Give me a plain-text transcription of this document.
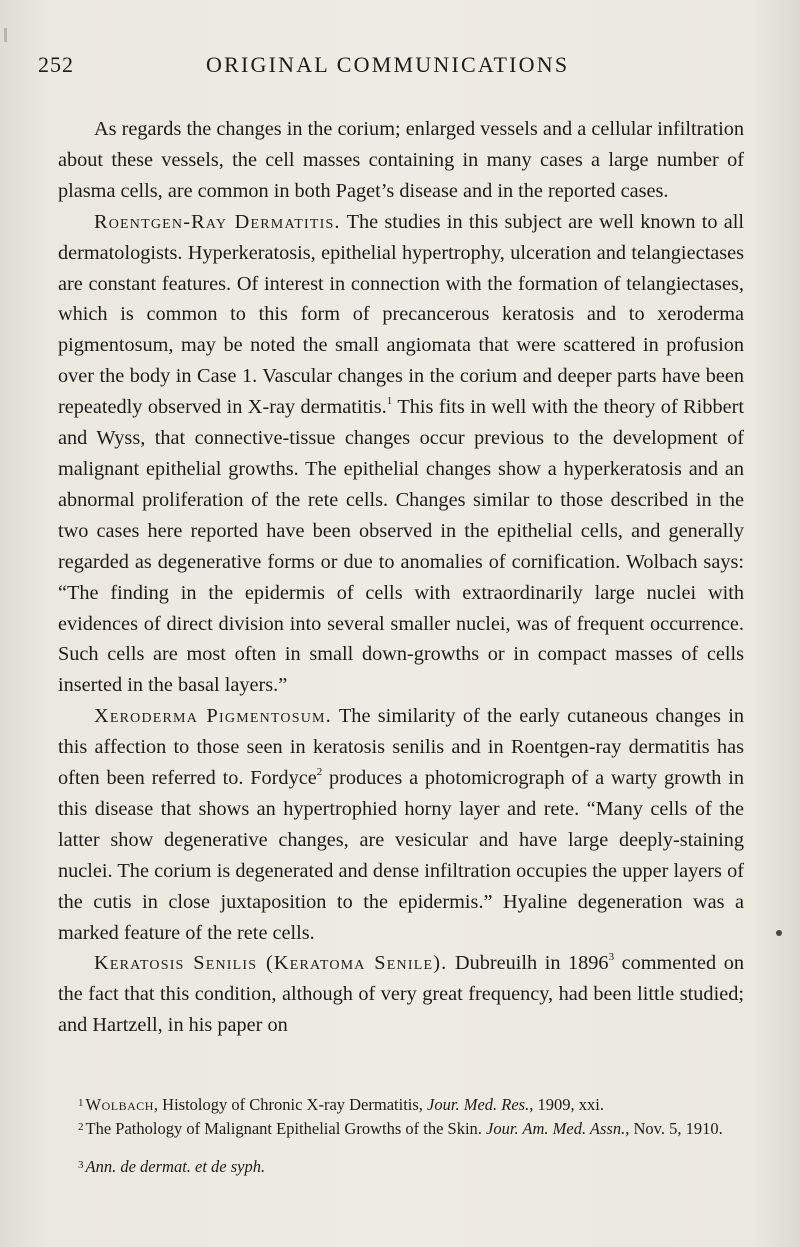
252	ORIGINAL COMMUNICATIONS

As regards the changes in the corium; enlarged vessels and a cellular infiltration about these vessels, the cell masses containing in many cases a large number of plasma cells, are common in both Paget’s disease and in the reported cases.

Roentgen-Ray Dermatitis. The studies in this subject are well known to all dermatologists. Hyperkeratosis, epithelial hypertrophy, ulceration and telangiectases are constant features. Of interest in connection with the formation of telangiectases, which is common to this form of precancerous keratosis and to xeroderma pigmentosum, may be noted the small angiomata that were scattered in profusion over the body in Case 1. Vascular changes in the corium and deeper parts have been repeatedly observed in X-ray dermatitis.$^1$ This fits in well with the theory of Ribbert and Wyss, that connective-tissue changes occur previous to the development of malignant epithelial growths. The epithelial changes show a hyperkeratosis and an abnormal proliferation of the rete cells. Changes similar to those described in the two cases here reported have been observed in the epithelial cells, and generally regarded as degenerative forms or due to anomalies of cornification. Wolbach says: “The finding in the epidermis of cells with extraordinarily large nuclei with evidences of direct division into several smaller nuclei, was of frequent occurrence. Such cells are most often in small down-growths or in compact masses of cells inserted in the basal layers.”

Xeroderma Pigmentosum. The similarity of the early cutaneous changes in this affection to those seen in keratosis senilis and in Roentgen-ray dermatitis has often been referred to. Fordyce$^2$ produces a photomicrograph of a warty growth in this disease that shows an hypertrophied horny layer and rete. “Many cells of the latter show degenerative changes, are vesicular and have large deeply-staining nuclei. The corium is degenerated and dense infiltration occupies the upper layers of the cutis in close juxtaposition to the epidermis.” Hyaline degeneration was a marked feature of the rete cells.

Keratosis Senilis (Keratoma Senile). Dubreuilh in 1896$^3$ commented on the fact that this condition, although of very great frequency, had been little studied; and Hartzell, in his paper on

$^1$ Wolbach, Histology of Chronic X-ray Dermatitis, Jour. Med. Res., 1909, xxi.

$^2$ The Pathology of Malignant Epithelial Growths of the Skin. Jour. Am. Med. Assn., Nov. 5, 1910.

$^3$ Ann. de dermat. et de syph.
